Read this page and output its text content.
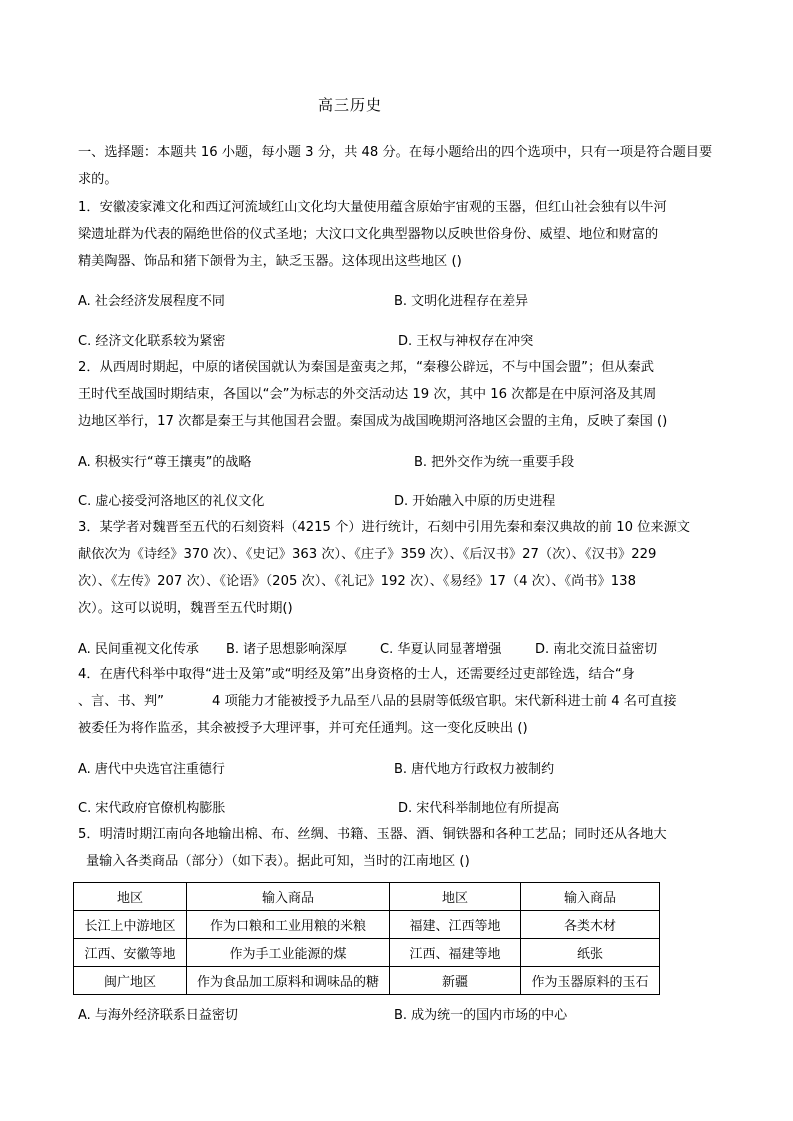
高三历史
一、选择题：本题共 16 小题，每小题 3 分，共 48 分。在每小题给出的四个选项中，只有一项是符合题目要求的。
1．安徽凌家滩文化和西辽河流域红山文化均大量使用蕴含原始宇宙观的玉器，但红山社会独有以牛河
梁遗址群为代表的隔绝世俗的仪式圣地；大汶口文化典型器物以反映世俗身份、威望、地位和财富的
精美陶器、饰品和猪下颌骨为主，缺乏玉器。这体现出这些地区 ()
A. 社会经济发展程度不同	B. 文明化进程存在差异
C. 经济文化联系较为紧密	D. 王权与神权存在冲突
2．从西周时期起，中原的诸侯国就认为秦国是蛮夷之邦，“秦穆公辟远，不与中国会盟”；但从秦武
王时代至战国时期结束，各国以“会”为标志的外交活动达 19 次，其中 16 次都是在中原河洛及其周
边地区举行，17 次都是秦王与其他国君会盟。秦国成为战国晚期河洛地区会盟的主角，反映了秦国 ()
A. 积极实行“尊王攘夷”的战略	B. 把外交作为统一重要手段
C. 虚心接受河洛地区的礼仪文化	D. 开始融入中原的历史进程
3．某学者对魏晋至五代的石刻资料（4215 个）进行统计，石刻中引用先秦和秦汉典故的前 10 位来源文
献依次为《诗经》370 次）、《史记》363 次）、《庄子》359 次）、《后汉书》27（次）、《汉书》229
次）、《左传》207 次）、《论语》（205 次）、《礼记》192 次）、《易经》17（4 次）、《尚书》138
次）。这可以说明，魏晋至五代时期()
A. 民间重视文化传承 B. 诸子思想影响深厚	C. 华夏认同显著增强	D. 南北交流日益密切
4．在唐代科举中取得“进士及第”或“明经及第”出身资格的士人，还需要经过吏部铨选，结合“身
、言、书、判”	4 项能力才能被授予九品至八品的县尉等低级官职。宋代新科进士前 4 名可直接
被委任为将作监丞，其余被授予大理评事，并可充任通判。这一变化反映出 ()
A. 唐代中央选官注重德行	B. 唐代地方行政权力被制约
C. 宋代政府官僚机构膨胀	D. 宋代科举制地位有所提高
5．明清时期江南向各地输出棉、布、丝绸、书籍、玉器、酒、铜铁器和各种工艺品；同时还从各地大
量输入各类商品（部分）（如下表）。据此可知，当时的江南地区 ()
地区	输入商品	地区	输入商品
长江上中游地区	作为口粮和工业用粮的米粮	福建、江西等地	各类木材
江西、安徽等地	作为手工业能源的煤	江西、福建等地	纸张
闽广地区	作为食品加工原料和调味品的糖	新疆	作为玉器原料的玉石
A. 与海外经济联系日益密切	B. 成为统一的国内市场的中心
